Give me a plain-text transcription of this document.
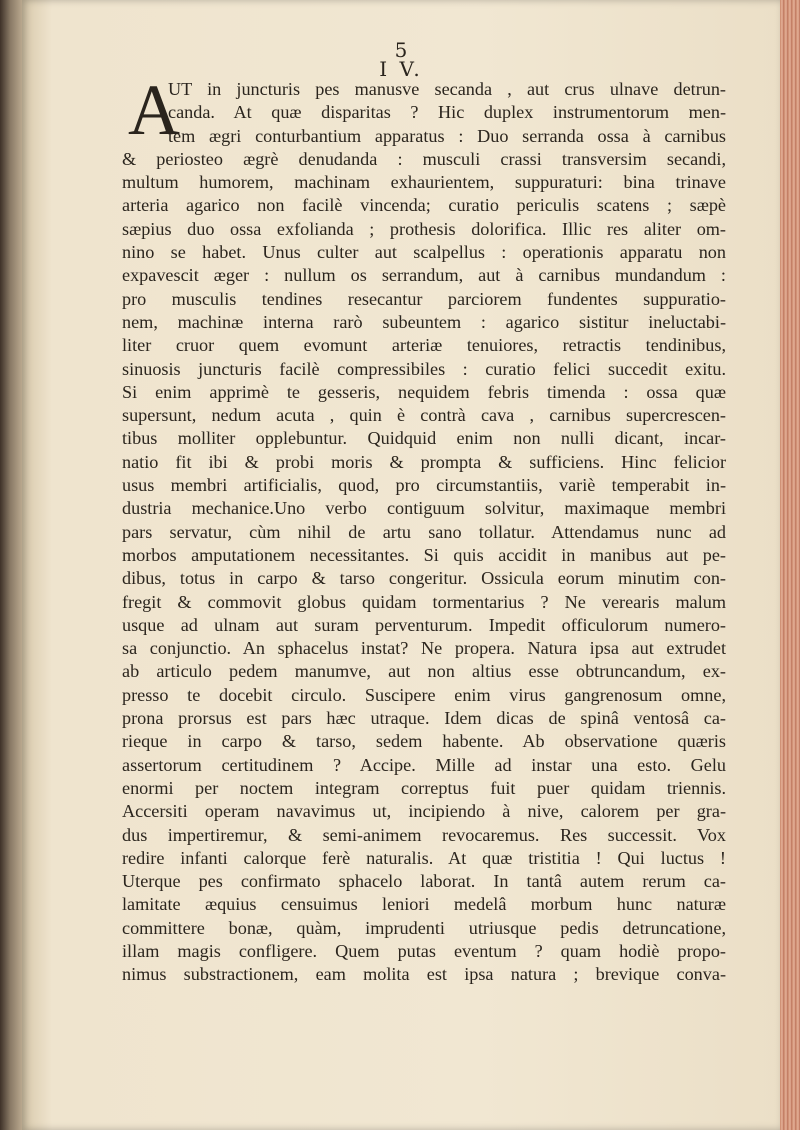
5
I V.
A
UT in juncturis pes manusve secanda , aut crus ulnave detrun-
canda. At quæ disparitas ? Hic duplex instrumentorum men-
tem ægri conturbantium apparatus : Duo serranda ossa à carnibus
& periosteo ægrè denudanda : musculi crassi transversim secandi,
multum humorem, machinam exhaurientem, suppuraturi: bina trinave
arteria agarico non facilè vincenda; curatio periculis scatens ; sæpè
sæpius duo ossa exfolianda ; prothesis dolorifica. Illic res aliter om-
nino se habet. Unus culter aut scalpellus : operationis apparatu non
expavescit æger : nullum os serrandum, aut à carnibus mundandum :
pro musculis tendines resecantur parciorem fundentes suppuratio-
nem, machinæ interna rarò subeuntem : agarico sistitur ineluctabi-
liter cruor quem evomunt arteriæ tenuiores, retractis tendinibus,
sinuosis juncturis facilè compressibiles : curatio felici succedit exitu.
Si enim apprimè te gesseris, nequidem febris timenda : ossa quæ
supersunt, nedum acuta , quin è contrà cava , carnibus supercrescen-
tibus molliter opplebuntur. Quidquid enim non nulli dicant, incar-
natio fit ibi & probi moris & prompta & sufficiens. Hinc felicior
usus membri artificialis, quod, pro circumstantiis, variè temperabit in-
dustria mechanice.Uno verbo contiguum solvitur, maximaque membri
pars servatur, cùm nihil de artu sano tollatur. Attendamus nunc ad
morbos amputationem necessitantes. Si quis accidit in manibus aut pe-
dibus, totus in carpo & tarso congeritur. Ossicula eorum minutim con-
fregit & commovit globus quidam tormentarius ? Ne verearis malum
usque ad ulnam aut suram perventurum. Impedit officulorum numero-
sa conjunctio. An sphacelus instat? Ne propera. Natura ipsa aut extrudet
ab articulo pedem manumve, aut non altius esse obtruncandum, ex-
presso te docebit circulo. Suscipere enim virus gangrenosum omne,
prona prorsus est pars hæc utraque. Idem dicas de spinâ ventosâ ca-
rieque in carpo & tarso, sedem habente. Ab observatione quæris
assertorum certitudinem ? Accipe. Mille ad instar una esto. Gelu
enormi per noctem integram correptus fuit puer quidam triennis.
Accersiti operam navavimus ut, incipiendo à nive, calorem per gra-
dus impertiremur, & semi-animem revocaremus. Res successit. Vox
redire infanti calorque ferè naturalis. At quæ tristitia ! Qui luctus !
Uterque pes confirmato sphacelo laborat. In tantâ autem rerum ca-
lamitate æquius censuimus leniori medelâ morbum hunc naturæ
committere bonæ, quàm, imprudenti utriusque pedis detruncatione,
illam magis confligere. Quem putas eventum ? quam hodiè propo-
nimus substractionem, eam molita est ipsa natura ; brevique conva-
